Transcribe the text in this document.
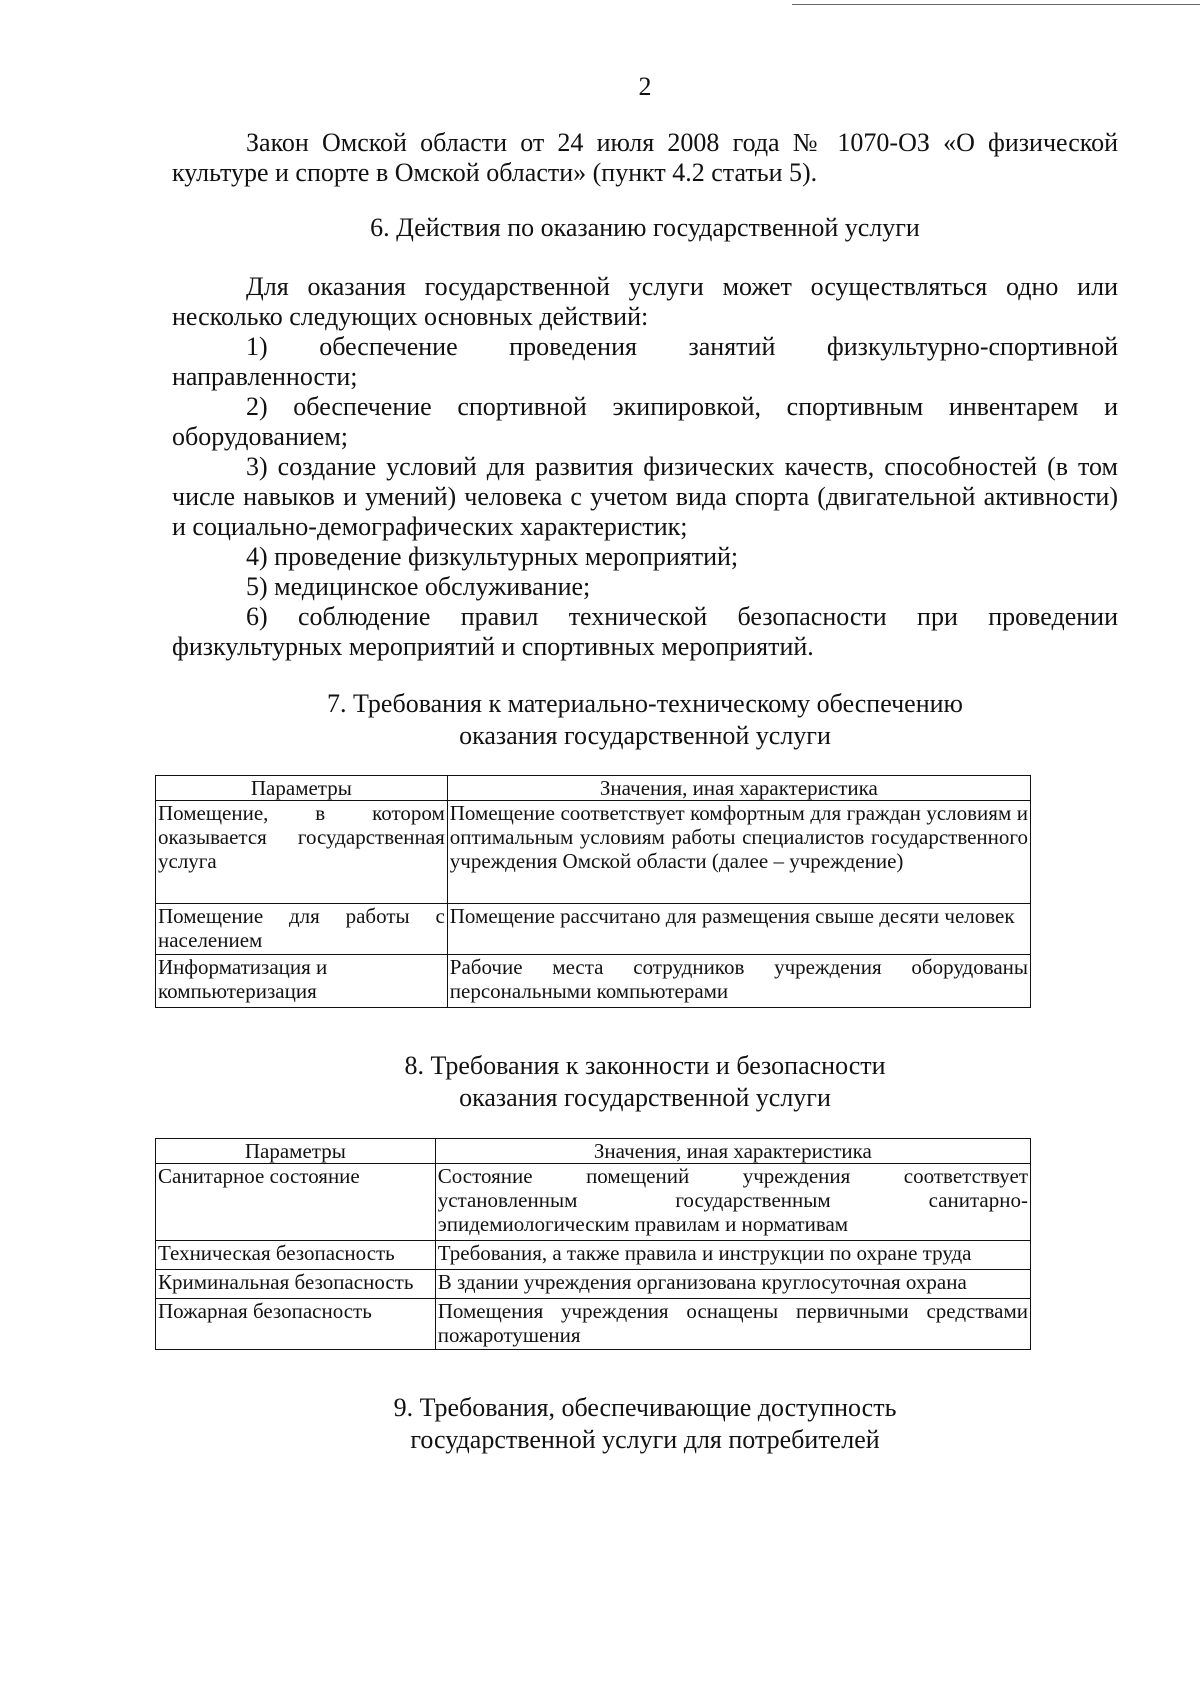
2

Закон Омской области от 24 июля 2008 года № 1070-ОЗ «О физической культуре и спорте в Омской области» (пункт 4.2 статьи 5).

6. Действия по оказанию государственной услуги

Для оказания государственной услуги может осуществляться одно или несколько следующих основных действий:

1) обеспечение проведения занятий физкультурно-спортивной направленности;

2) обеспечение спортивной экипировкой, спортивным инвентарем и оборудованием;

3) создание условий для развития физических качеств, способностей (в том числе навыков и умений) человека с учетом вида спорта (двигательной активности) и социально-демографических характеристик;

4) проведение физкультурных мероприятий;

5) медицинское обслуживание;

6) соблюдение правил технической безопасности при проведении физкультурных мероприятий и спортивных мероприятий.

7. Требования к материально-техническому обеспечению
оказания государственной услуги

Параметры	Значения, иная характеристика
Помещение, в котором оказывается государственная услуга	Помещение соответствует комфортным для граждан условиям и оптимальным условиям работы специалистов государственного учреждения Омской области (далее – учреждение)
Помещение для работы с населением	Помещение рассчитано для размещения свыше десяти человек
Информатизация и компьютеризация	Рабочие места сотрудников учреждения оборудованы персональными компьютерами

8. Требования к законности и безопасности
оказания государственной услуги

Параметры	Значения, иная характеристика
Санитарное состояние	Состояние помещений учреждения соответствует установленным государственным санитарно-эпидемиологическим правилам и нормативам
Техническая безопасность	Требования, а также правила и инструкции по охране труда
Криминальная безопасность	В здании учреждения организована круглосуточная охрана
Пожарная безопасность	Помещения учреждения оснащены первичными средствами пожаротушения

9. Требования, обеспечивающие доступность
государственной услуги для потребителей
